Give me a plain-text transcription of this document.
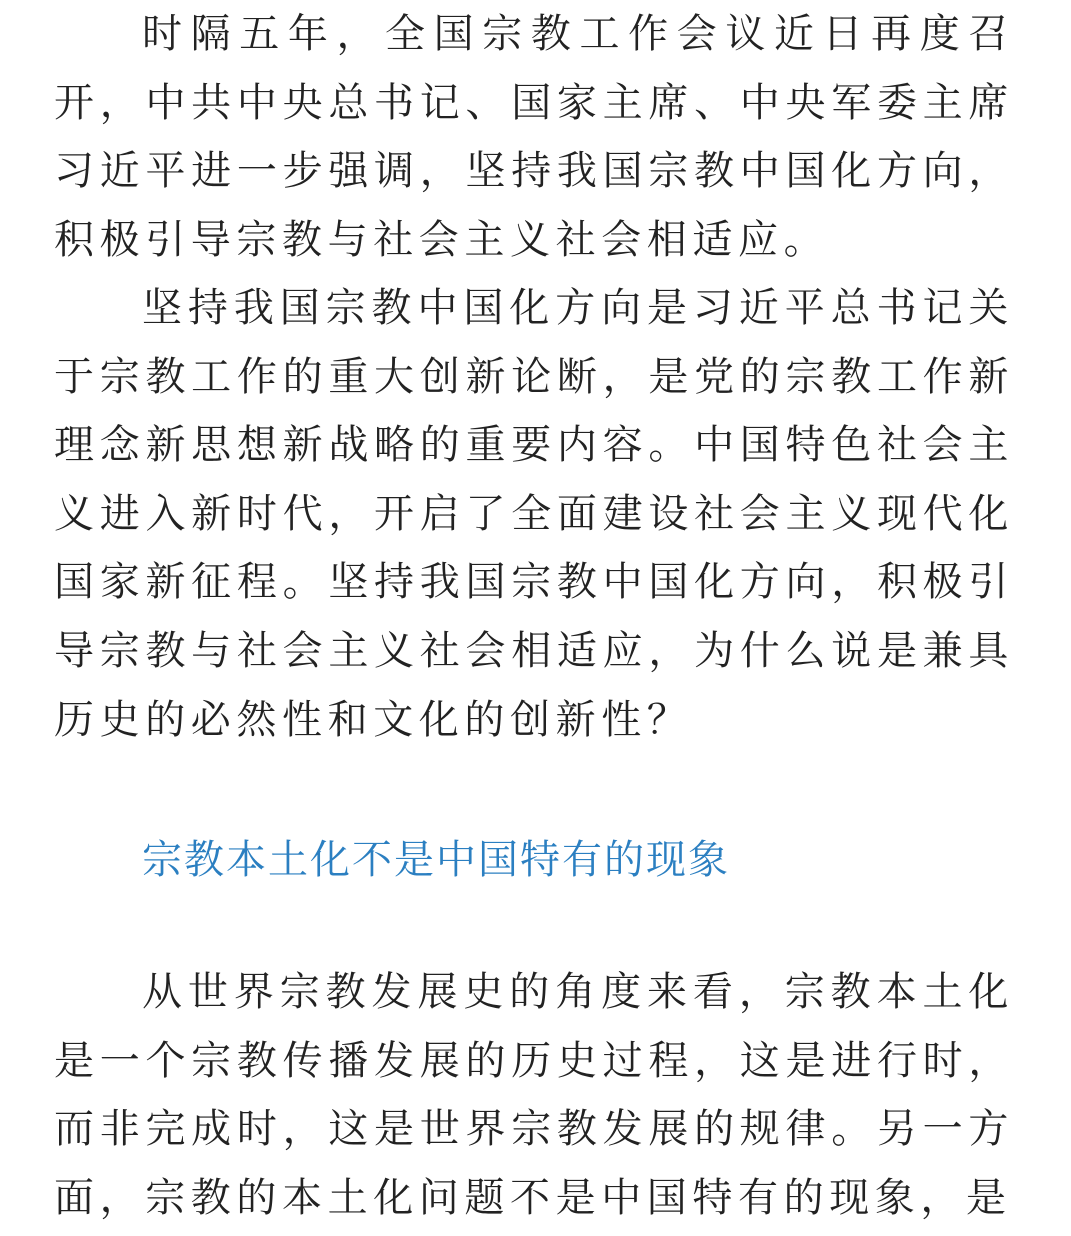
时隔五年，全国宗教工作会议近日再度召开，中共中央总书记、国家主席、中央军委主席习近平进一步强调，坚持我国宗教中国化方向，积极引导宗教与社会主义社会相适应。

坚持我国宗教中国化方向是习近平总书记关于宗教工作的重大创新论断，是党的宗教工作新理念新思想新战略的重要内容。中国特色社会主义进入新时代，开启了全面建设社会主义现代化国家新征程。坚持我国宗教中国化方向，积极引导宗教与社会主义社会相适应，为什么说是兼具历史的必然性和文化的创新性？

宗教本土化不是中国特有的现象

从世界宗教发展史的角度来看，宗教本土化是一个宗教传播发展的历史过程，这是进行时，而非完成时，这是世界宗教发展的规律。另一方面，宗教的本土化问题不是中国特有的现象，是
